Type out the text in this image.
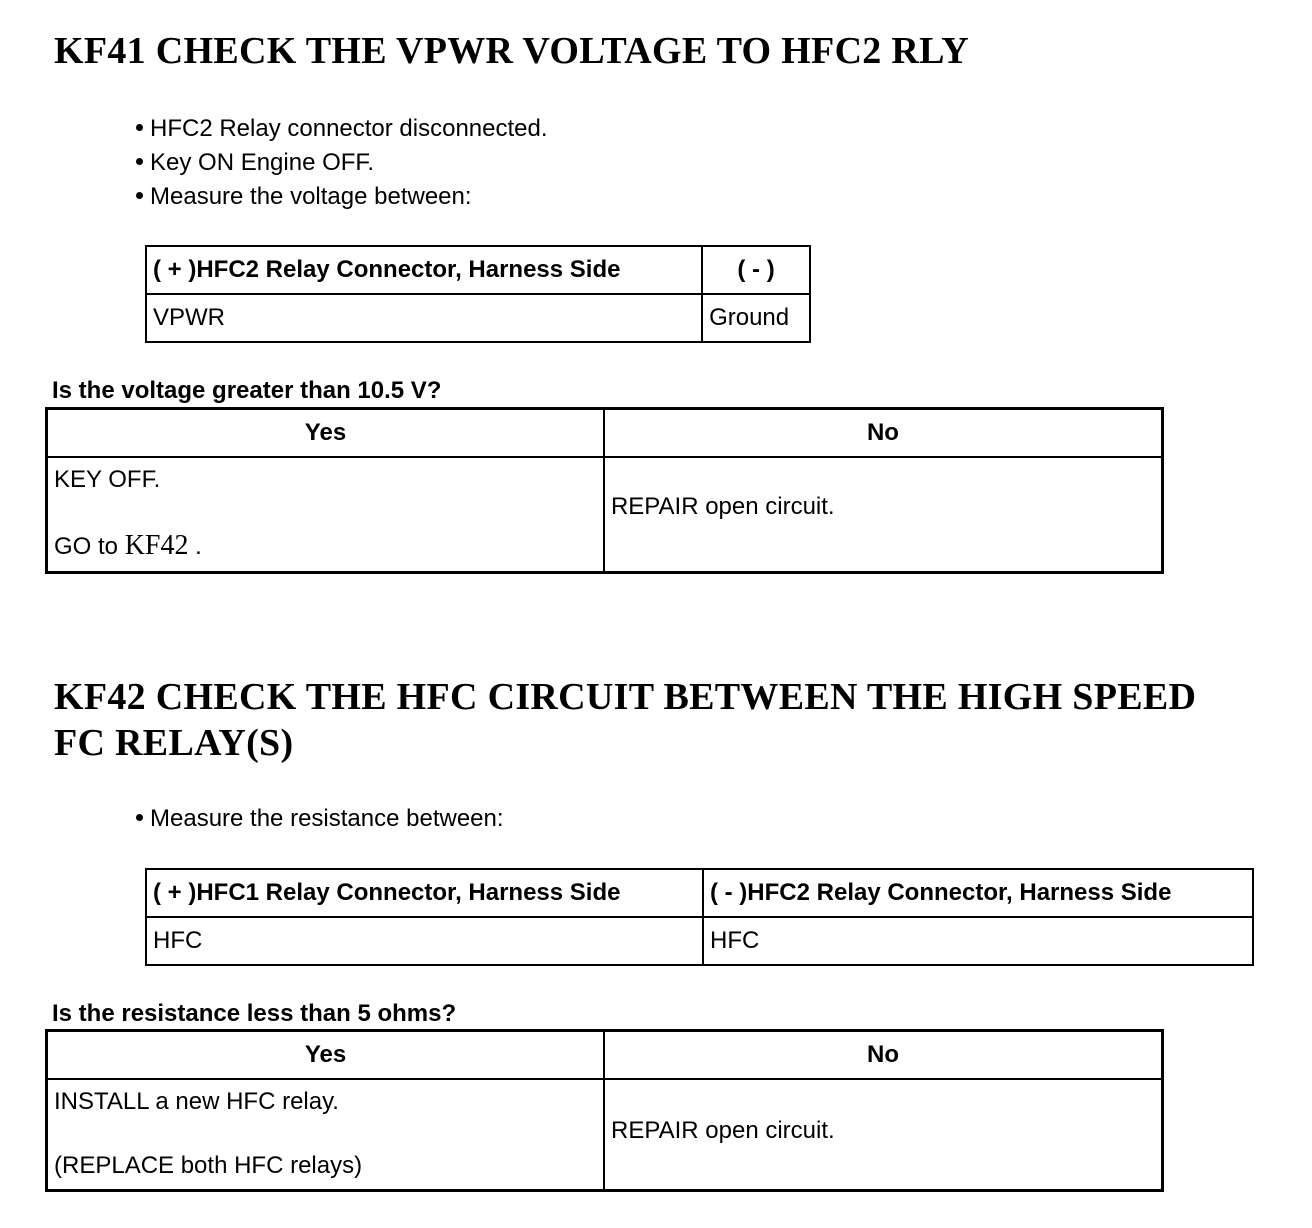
KF41 CHECK THE VPWR VOLTAGE TO HFC2 RLY
HFC2 Relay connector disconnected.
Key ON Engine OFF.
Measure the voltage between:
( + )HFC2 Relay Connector, Harness Side	( - )
VPWR	Ground

Is the voltage greater than 10.5 V?

Yes	No

KEY OFF.
GO to KF42 .	REPAIR open circuit.
KF42 CHECK THE HFC CIRCUIT BETWEEN THE HIGH SPEED
FC RELAY(S)
Measure the resistance between:
( + )HFC1 Relay Connector, Harness Side	( - )HFC2 Relay Connector, Harness Side
HFC	HFC

Is the resistance less than 5 ohms?

Yes	No

INSTALL a new HFC relay.
(REPLACE both HFC relays)	REPAIR open circuit.
